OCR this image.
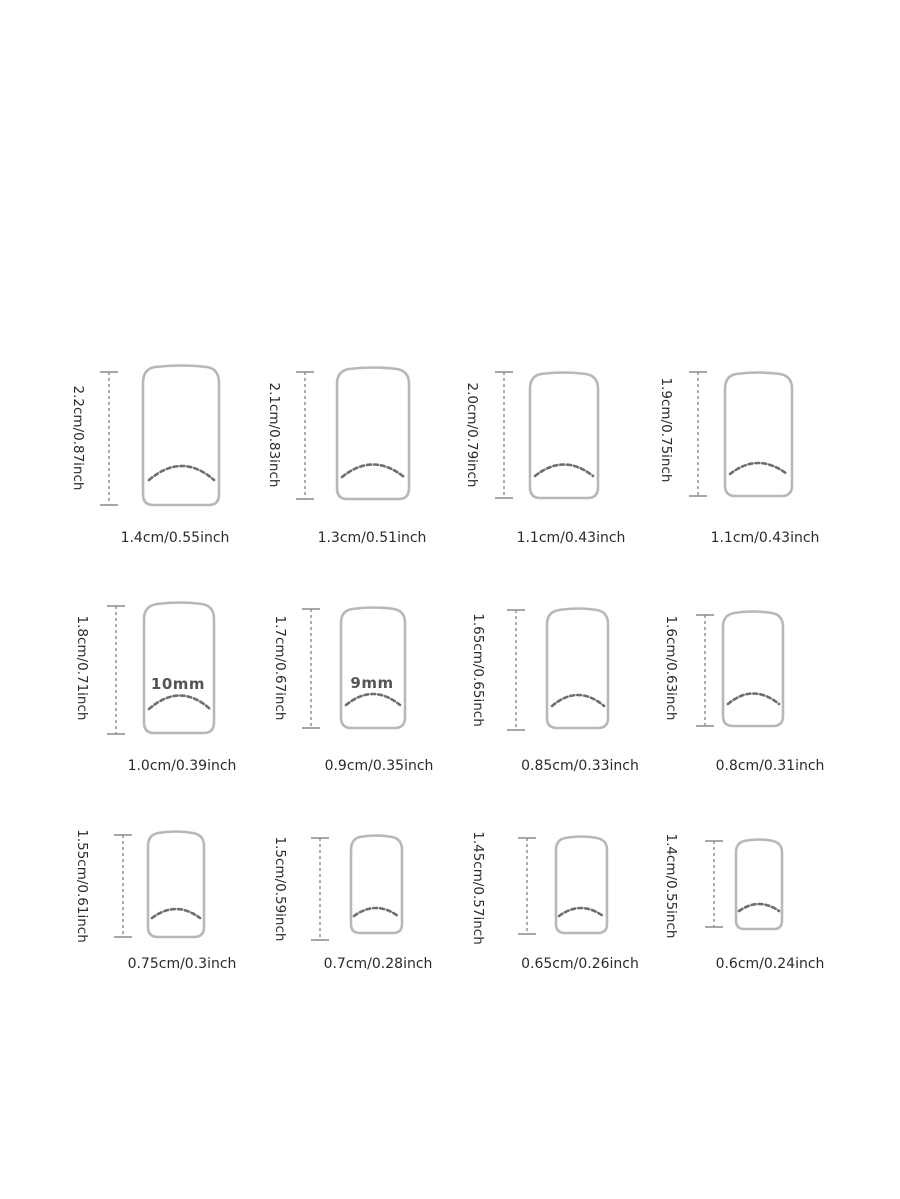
2.2cm/0.87inch
1.4cm/0.55inch
2.1cm/0.83inch
1.3cm/0.51inch
2.0cm/0.79inch
1.1cm/0.43inch
1.9cm/0.75inch
1.1cm/0.43inch
1.8cm/0.71inch	10mm
1.0cm/0.39inch
1.7cm/0.67inch	9mm
0.9cm/0.35inch
1.65cm/0.65inch
0.85cm/0.33inch
1.6cm/0.63inch
0.8cm/0.31inch
1.55cm/0.61inch
0.75cm/0.3inch
1.5cm/0.59inch
0.7cm/0.28inch
1.45cm/0.57inch
0.65cm/0.26inch
1.4cm/0.55inch
0.6cm/0.24inch
